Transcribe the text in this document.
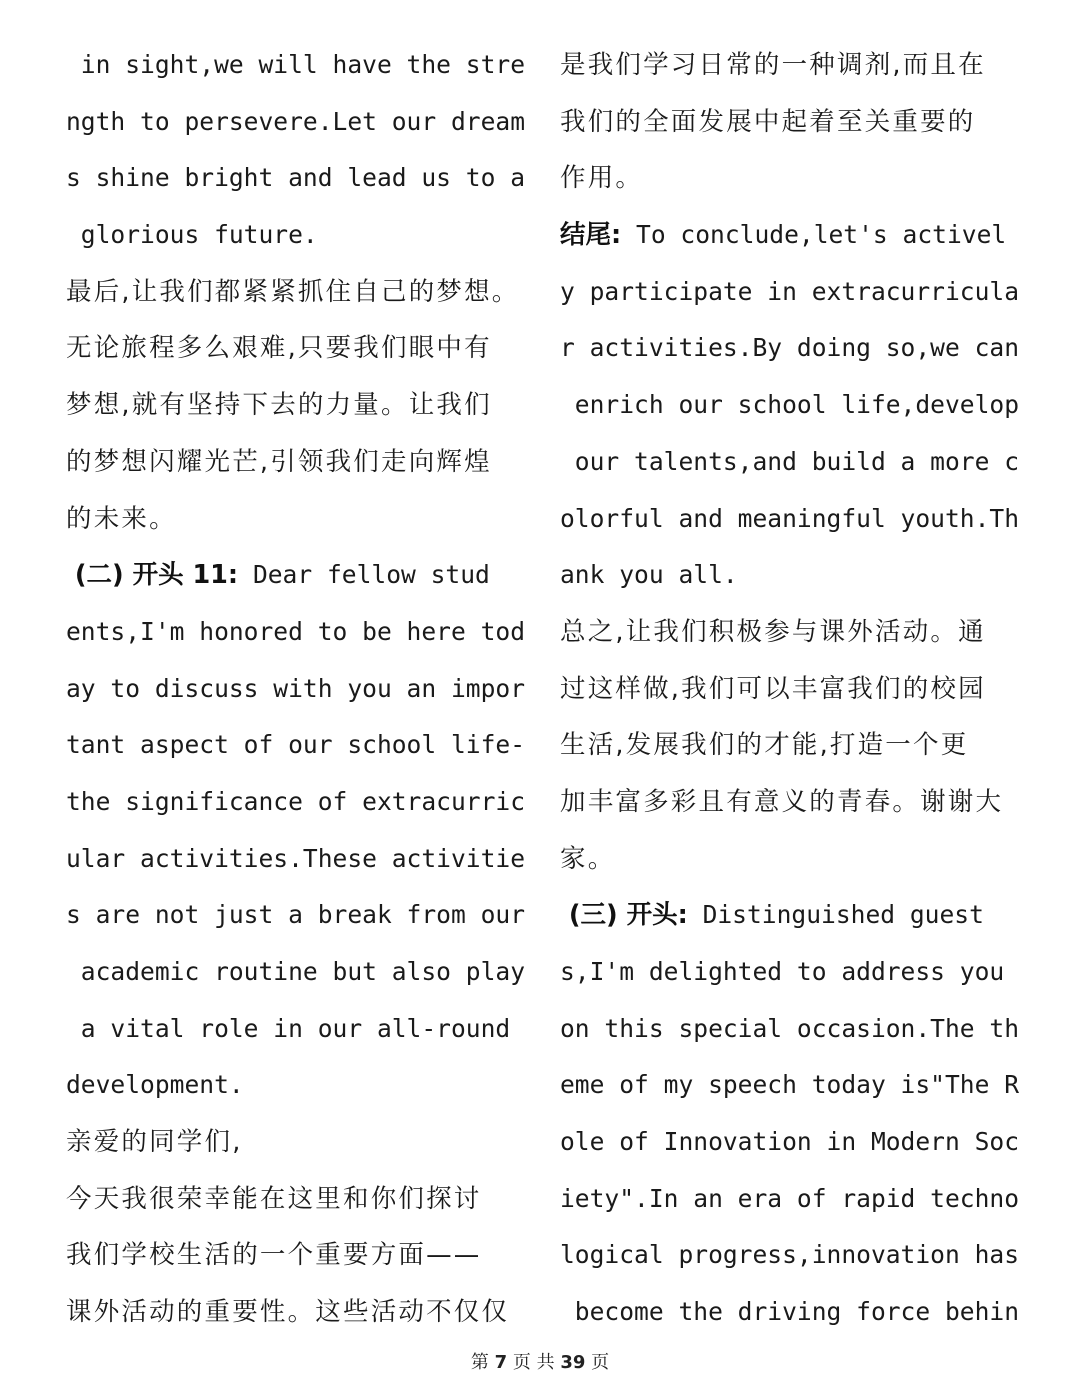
in sight,we will have the stre
ngth to persevere.Let our dream
s shine bright and lead us to a
glorious future.
最后,让我们都紧紧抓住自己的梦想。
无论旅程多么艰难,只要我们眼中有
梦想,就有坚持下去的力量。让我们
的梦想闪耀光芒,引领我们走向辉煌
的未来。
(二) 开头 11: Dear fellow stud
ents,I'm honored to be here tod
ay to discuss with you an impor
tant aspect of our school life-
the significance of extracurric
ular activities.These activitie
s are not just a break from our
academic routine but also play
a vital role in our all-round
development.
亲爱的同学们,
今天我很荣幸能在这里和你们探讨
我们学校生活的一个重要方面——
课外活动的重要性。这些活动不仅仅
是我们学习日常的一种调剂,而且在
我们的全面发展中起着至关重要的
作用。
结尾: To conclude,let's activel
y participate in extracurricula
r activities.By doing so,we can
enrich our school life,develop
our talents,and build a more c
olorful and meaningful youth.Th
ank you all.
总之,让我们积极参与课外活动。通
过这样做,我们可以丰富我们的校园
生活,发展我们的才能,打造一个更
加丰富多彩且有意义的青春。谢谢大
家。
(三) 开头: Distinguished guest
s,I'm delighted to address you
on this special occasion.The th
eme of my speech today is"The R
ole of Innovation in Modern Soc
iety".In an era of rapid techno
logical progress,innovation has
become the driving force behin
第 7 页 共 39 页
